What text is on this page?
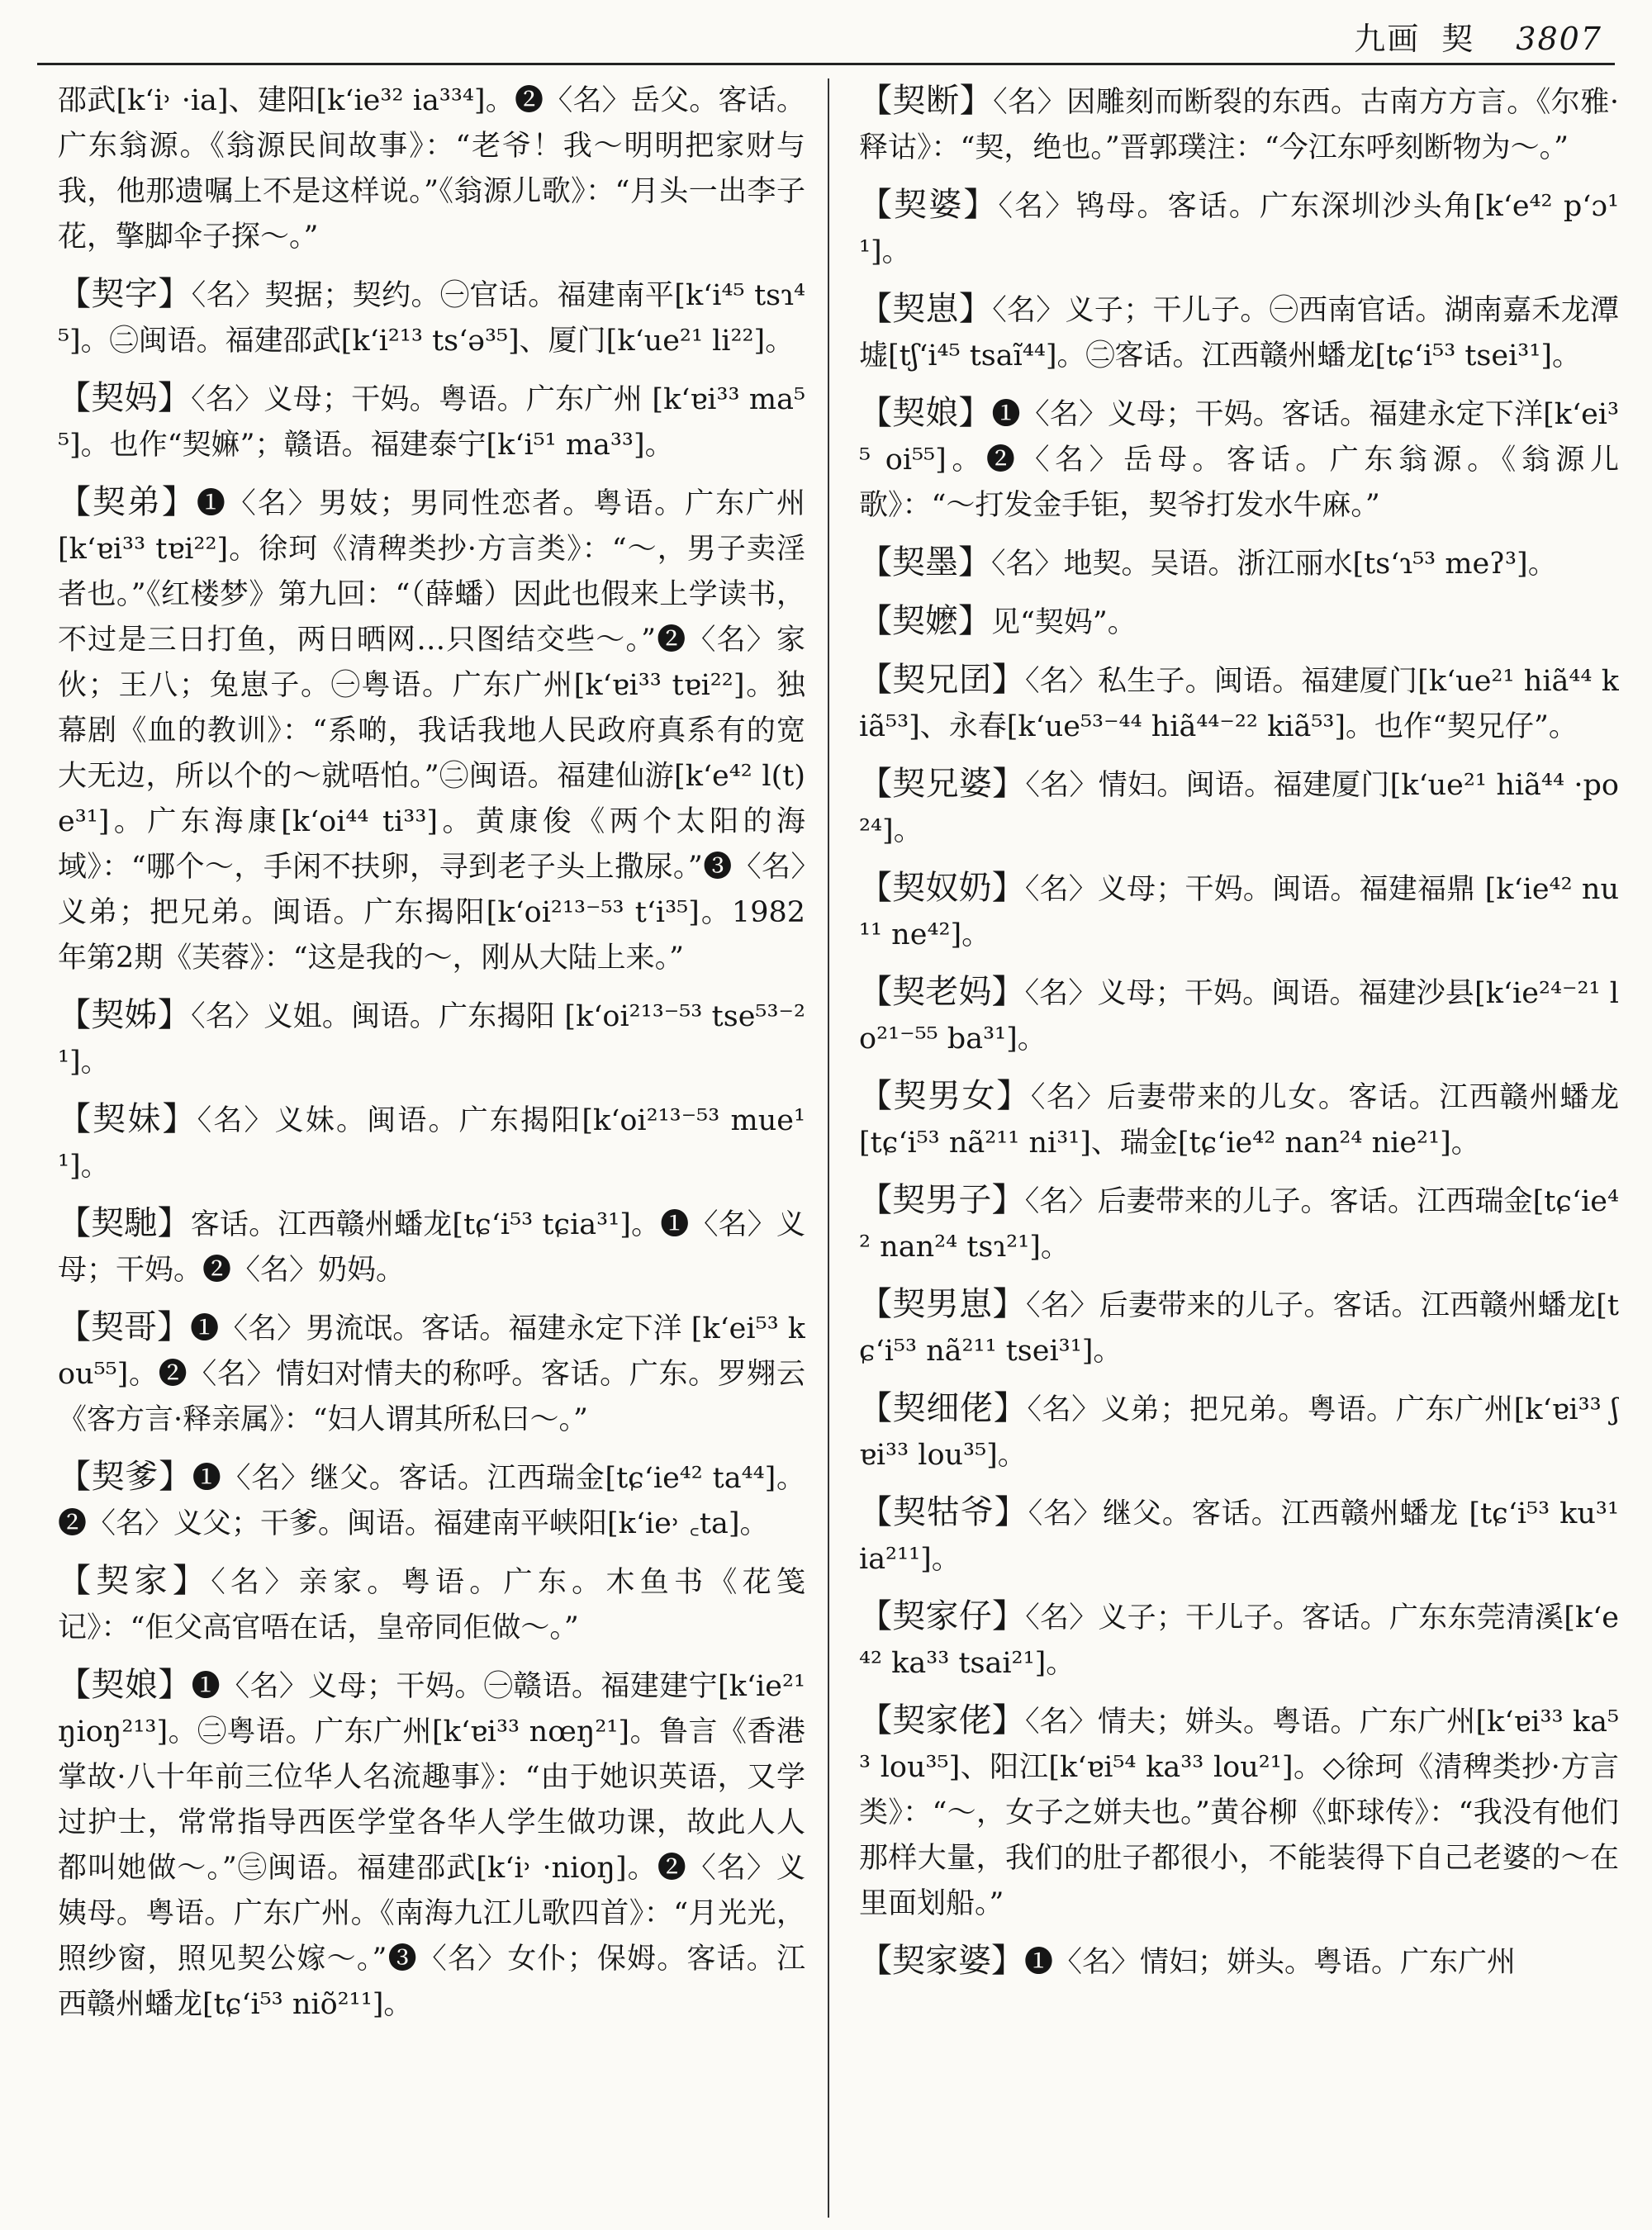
九画 契 3807
邵武[k‘i˒ ·ia]、建阳[k‘ie³² ia³³⁴]。❷〈名〉岳父。客话。广东翁源。《翁源民间故事》：“老爷！我～明明把家财与我，他那遗嘱上不是这样说。”《翁源儿歌》：“月头一出李子花，擎脚伞子探～。”
【契字】〈名〉契据；契约。㊀官话。福建南平[k‘i⁴⁵ tsɿ⁴⁵]。㊁闽语。福建邵武[k‘i²¹³ ts‘ə³⁵]、厦门[k‘ue²¹ li²²]。
【契妈】〈名〉义母；干妈。粤语。广东广州 [k‘ɐi³³ ma⁵⁵]。也作“契嫲”；赣语。福建泰宁[k‘i⁵¹ ma³³]。
【契弟】❶〈名〉男妓；男同性恋者。粤语。广东广州[k‘ɐi³³ tɐi²²]。徐珂《清稗类抄·方言类》：“～，男子卖淫者也。”《红楼梦》第九回：“（薛蟠）因此也假来上学读书，不过是三日打鱼，两日晒网…只图结交些～。”❷〈名〉家伙；王八；兔崽子。㊀粤语。广东广州[k‘ɐi³³ tɐi²²]。独幕剧《血的教训》：“系啲，我话我地人民政府真系有的宽大无边，所以个的～就唔怕。”㊁闽语。福建仙游[k‘e⁴² l(t)e³¹]。广东海康[k‘oi⁴⁴ ti³³]。黄康俊《两个太阳的海域》：“哪个～，手闲不扶卵，寻到老子头上撒尿。”❸〈名〉义弟；把兄弟。闽语。广东揭阳[k‘oi²¹³⁻⁵³ t‘i³⁵]。1982年第2期《芙蓉》：“这是我的～，刚从大陆上来。”
【契姊】〈名〉义姐。闽语。广东揭阳 [k‘oi²¹³⁻⁵³ tse⁵³⁻²¹]。
【契妹】〈名〉义妹。闽语。广东揭阳[k‘oi²¹³⁻⁵³ mue¹¹]。
【契馳】客话。江西赣州蟠龙[tɕ‘i⁵³ tɕia³¹]。❶〈名〉义母；干妈。❷〈名〉奶妈。
【契哥】❶〈名〉男流氓。客话。福建永定下洋 [k‘ei⁵³ kou⁵⁵]。❷〈名〉情妇对情夫的称呼。客话。广东。罗翙云《客方言·释亲属》：“妇人谓其所私曰～。”
【契爹】❶〈名〉继父。客话。江西瑞金[tɕ‘ie⁴² ta⁴⁴]。❷〈名〉义父；干爹。闽语。福建南平峡阳[k‘ie˒ ꜀ta]。
【契家】〈名〉亲家。粤语。广东。木鱼书《花笺记》：“佢父高官唔在话，皇帝同佢做～。”
【契娘】❶〈名〉义母；干妈。㊀赣语。福建建宁[k‘ie²¹ ŋioŋ²¹³]。㊁粤语。广东广州[k‘ɐi³³ nœŋ²¹]。鲁言《香港掌故·八十年前三位华人名流趣事》：“由于她识英语，又学过护士，常常指导西医学堂各华人学生做功课，故此人人都叫她做～。”㊂闽语。福建邵武[k‘i˒ ·nioŋ]。❷〈名〉义姨母。粤语。广东广州。《南海九江儿歌四首》：“月光光，照纱窗，照见契公嫁～。”❸〈名〉女仆；保姆。客话。江西赣州蟠龙[tɕ‘i⁵³ niõ²¹¹]。
【契断】〈名〉因雕刻而断裂的东西。古南方方言。《尔雅·释诂》：“契，绝也。”晋郭璞注：“今江东呼刻断物为～。”
【契婆】〈名〉鸨母。客话。广东深圳沙头角[k‘e⁴² p‘ɔ¹¹]。
【契崽】〈名〉义子；干儿子。㊀西南官话。湖南嘉禾龙潭墟[tʃ‘i⁴⁵ tsaĩ⁴⁴]。㊁客话。江西赣州蟠龙[tɕ‘i⁵³ tsei³¹]。
【契娘】❶〈名〉义母；干妈。客话。福建永定下洋[k‘ei³⁵ oi⁵⁵]。❷〈名〉岳母。客话。广东翁源。《翁源儿歌》：“～打发金手钜，契爷打发水牛麻。”
【契墨】〈名〉地契。吴语。浙江丽水[ts‘ɿ⁵³ meʔ³]。
【契嬷】见“契妈”。
【契兄囝】〈名〉私生子。闽语。福建厦门[k‘ue²¹ hiã⁴⁴ kiã⁵³]、永春[k‘ue⁵³⁻⁴⁴ hiã⁴⁴⁻²² kiã⁵³]。也作“契兄仔”。
【契兄婆】〈名〉情妇。闽语。福建厦门[k‘ue²¹ hiã⁴⁴ ·po²⁴]。
【契奴奶】〈名〉义母；干妈。闽语。福建福鼎 [k‘ie⁴² nu¹¹ ne⁴²]。
【契老妈】〈名〉义母；干妈。闽语。福建沙县[k‘ie²⁴⁻²¹ lo²¹⁻⁵⁵ ba³¹]。
【契男女】〈名〉后妻带来的儿女。客话。江西赣州蟠龙 [tɕ‘i⁵³ nã²¹¹ ni³¹]、瑞金[tɕ‘ie⁴² nan²⁴ nie²¹]。
【契男子】〈名〉后妻带来的儿子。客话。江西瑞金[tɕ‘ie⁴² nan²⁴ tsɿ²¹]。
【契男崽】〈名〉后妻带来的儿子。客话。江西赣州蟠龙[tɕ‘i⁵³ nã²¹¹ tsei³¹]。
【契细佬】〈名〉义弟；把兄弟。粤语。广东广州[k‘ɐi³³ ʃɐi³³ lou³⁵]。
【契牯爷】〈名〉继父。客话。江西赣州蟠龙 [tɕ‘i⁵³ ku³¹ ia²¹¹]。
【契家仔】〈名〉义子；干儿子。客话。广东东莞清溪[k‘e⁴² ka³³ tsai²¹]。
【契家佬】〈名〉情夫；姘头。粤语。广东广州[k‘ɐi³³ ka⁵³ lou³⁵]、阳江[k‘ɐi⁵⁴ ka³³ lou²¹]。◇徐珂《清稗类抄·方言类》：“～，女子之姘夫也。”黄谷柳《虾球传》：“我没有他们那样大量，我们的肚子都很小，不能装得下自己老婆的～在里面划船。”
【契家婆】❶〈名〉情妇；姘头。粤语。广东广州
